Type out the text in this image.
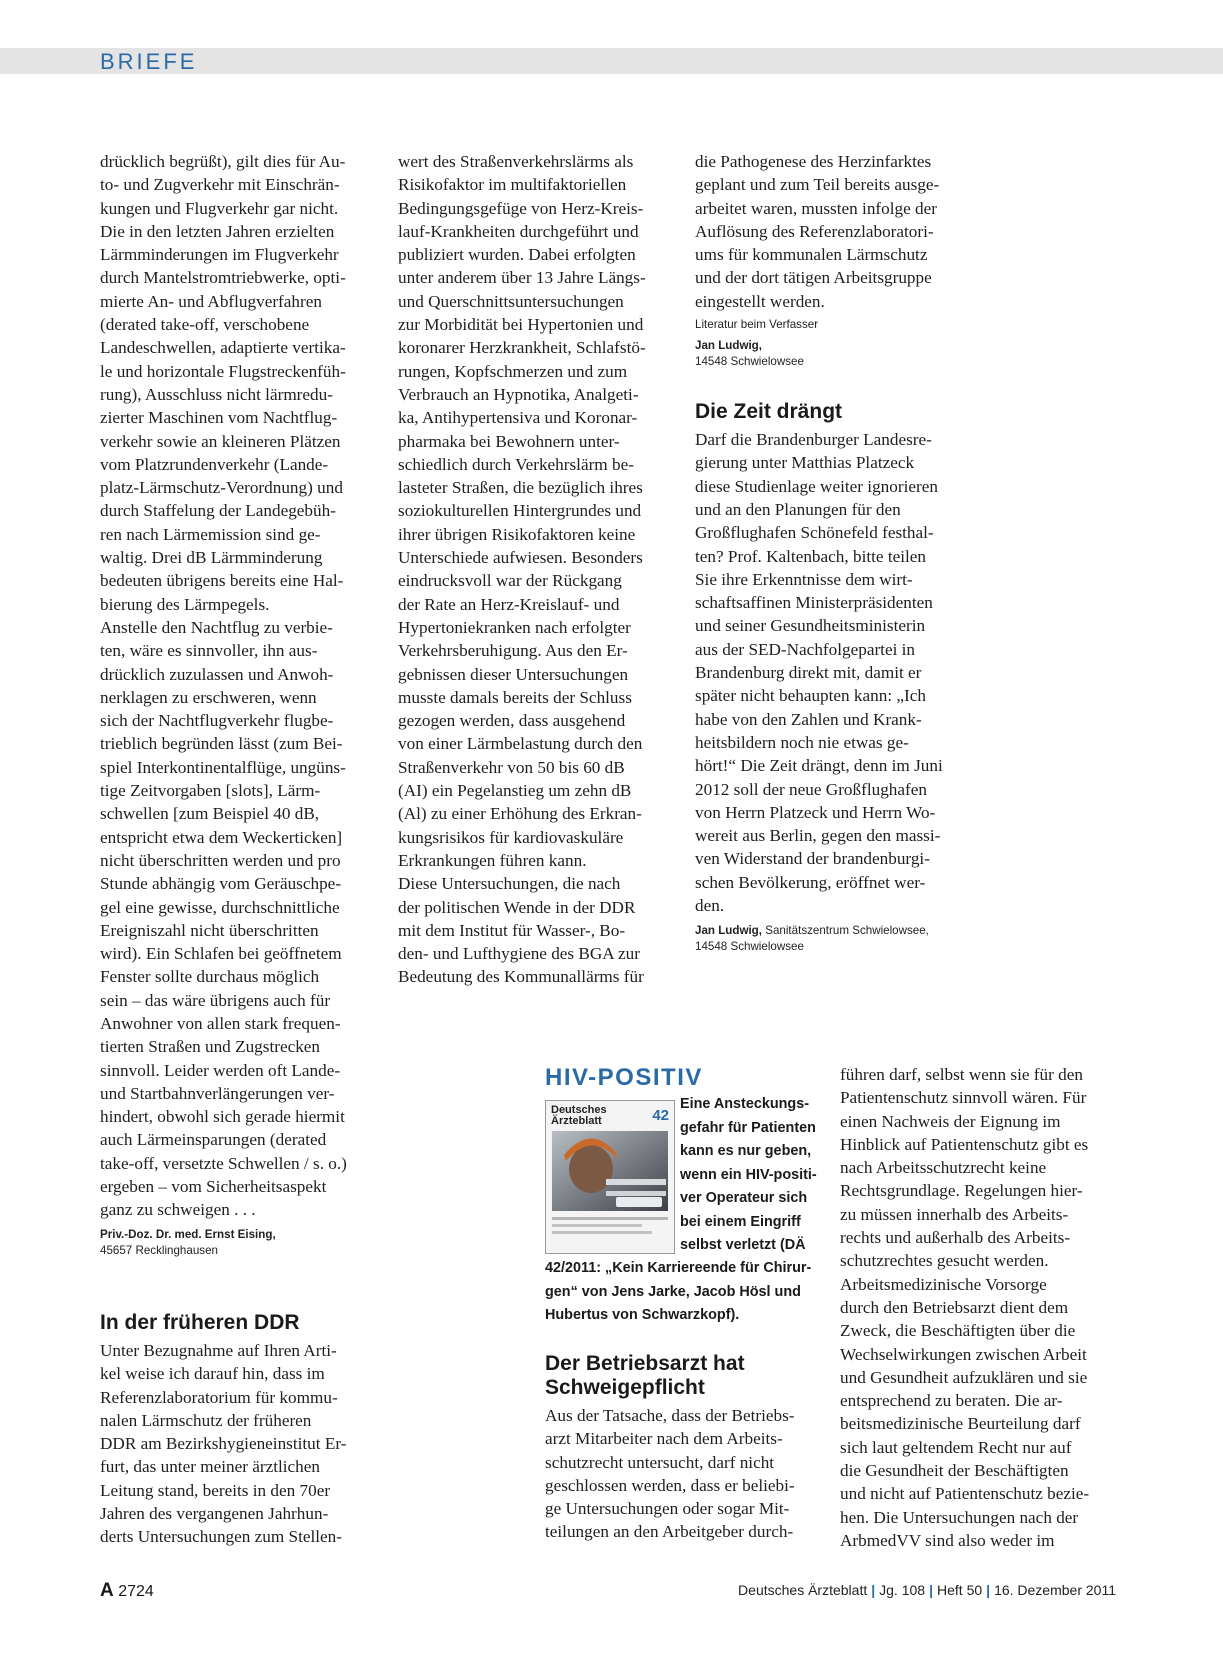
BRIEFE

drücklich begrüßt), gilt dies für Au-
to- und Zugverkehr mit Einschrän-
kungen und Flugverkehr gar nicht.
Die in den letzten Jahren erzielten
Lärmminderungen im Flugverkehr
durch Mantelstromtriebwerke, opti-
mierte An- und Abflugverfahren
(derated take-off, verschobene
Landeschwellen, adaptierte vertika-
le und horizontale Flugstreckenfüh-
rung), Ausschluss nicht lärmredu-
zierter Maschinen vom Nachtflug-
verkehr sowie an kleineren Plätzen
vom Platzrundenverkehr (Lande-
platz-Lärmschutz-Verordnung) und
durch Staffelung der Landegebüh-
ren nach Lärmemission sind ge-
waltig. Drei dB Lärmminderung
bedeuten übrigens bereits eine Hal-
bierung des Lärmpegels.
Anstelle den Nachtflug zu verbie-
ten, wäre es sinnvoller, ihn aus-
drücklich zuzulassen und Anwoh-
nerklagen zu erschweren, wenn
sich der Nachtflugverkehr flugbe-
trieblich begründen lässt (zum Bei-
spiel Interkontinentalflüge, ungüns-
tige Zeitvorgaben [slots], Lärm-
schwellen [zum Beispiel 40 dB,
entspricht etwa dem Weckerticken]
nicht überschritten werden und pro
Stunde abhängig vom Geräuschpe-
gel eine gewisse, durchschnittliche
Ereigniszahl nicht überschritten
wird). Ein Schlafen bei geöffnetem
Fenster sollte durchaus möglich
sein – das wäre übrigens auch für
Anwohner von allen stark frequen-
tierten Straßen und Zugstrecken
sinnvoll. Leider werden oft Lande-
und Startbahnverlängerungen ver-
hindert, obwohl sich gerade hiermit
auch Lärmeinsparungen (derated
take-off, versetzte Schwellen / s. o.)
ergeben – vom Sicherheitsaspekt
ganz zu schweigen . . .

Priv.-Doz. Dr. med. Ernst Eising,
45657 Recklinghausen
In der früheren DDR

Unter Bezugnahme auf Ihren Arti-
kel weise ich darauf hin, dass im
Referenzlaboratorium für kommu-
nalen Lärmschutz der früheren
DDR am Bezirkshygieneinstitut Er-
furt, das unter meiner ärztlichen
Leitung stand, bereits in den 70er
Jahren des vergangenen Jahrhun-
derts Untersuchungen zum Stellen-

wert des Straßenverkehrslärms als
Risikofaktor im multifaktoriellen
Bedingungsgefüge von Herz-Kreis-
lauf-Krankheiten durchgeführt und
publiziert wurden. Dabei erfolgten
unter anderem über 13 Jahre Längs-
und Querschnittsuntersuchungen
zur Morbidität bei Hypertonien und
koronarer Herzkrankheit, Schlafstö-
rungen, Kopfschmerzen und zum
Verbrauch an Hypnotika, Analgeti-
ka, Antihypertensiva und Koronar-
pharmaka bei Bewohnern unter-
schiedlich durch Verkehrslärm be-
lasteter Straßen, die bezüglich ihres
soziokulturellen Hintergrundes und
ihrer übrigen Risikofaktoren keine
Unterschiede aufwiesen. Besonders
eindrucksvoll war der Rückgang
der Rate an Herz-Kreislauf- und
Hypertoniekranken nach erfolgter
Verkehrsberuhigung. Aus den Er-
gebnissen dieser Untersuchungen
musste damals bereits der Schluss
gezogen werden, dass ausgehend
von einer Lärmbelastung durch den
Straßenverkehr von 50 bis 60 dB
(AI) ein Pegelanstieg um zehn dB
(Al) zu einer Erhöhung des Erkran-
kungsrisikos für kardiovaskuläre
Erkrankungen führen kann.
Diese Untersuchungen, die nach
der politischen Wende in der DDR
mit dem Institut für Wasser-, Bo-
den- und Lufthygiene des BGA zur
Bedeutung des Kommunallärms für

die Pathogenese des Herzinfarktes
geplant und zum Teil bereits ausge-
arbeitet waren, mussten infolge der
Auflösung des Referenzlaboratori-
ums für kommunalen Lärmschutz
und der dort tätigen Arbeitsgruppe
eingestellt werden.

Literatur beim Verfasser
Jan Ludwig,
14548 Schwielowsee
Die Zeit drängt

Darf die Brandenburger Landesre-
gierung unter Matthias Platzeck
diese Studienlage weiter ignorieren
und an den Planungen für den
Großflughafen Schönefeld festhal-
ten? Prof. Kaltenbach, bitte teilen
Sie ihre Erkenntnisse dem wirt-
schaftsaffinen Ministerpräsidenten
und seiner Gesundheitsministerin
aus der SED-Nachfolgepartei in
Brandenburg direkt mit, damit er
später nicht behaupten kann: „Ich
habe von den Zahlen und Krank-
heitsbildern noch nie etwas ge-
hört!“ Die Zeit drängt, denn im Juni
2012 soll der neue Großflughafen
von Herrn Platzeck und Herrn Wo-
wereit aus Berlin, gegen den massi-
ven Widerstand der brandenburgi-
schen Bevölkerung, eröffnet wer-
den.

Jan Ludwig, Sanitätszentrum Schwielowsee,
14548 Schwielowsee
HIV-POSITIV
Deutsches
Ärzteblatt	42
Eine Ansteckungs-
gefahr für Patienten
kann es nur geben,
wenn ein HIV-positi-
ver Operateur sich
bei einem Eingriff
selbst verletzt (DÄ
42/2011: „Kein Karriereende für Chirur-
gen“ von Jens Jarke, Jacob Hösl und
Hubertus von Schwarzkopf).
Der Betriebsarzt hat
Schweigepflicht

Aus der Tatsache, dass der Betriebs-
arzt Mitarbeiter nach dem Arbeits-
schutzrecht untersucht, darf nicht
geschlossen werden, dass er beliebi-
ge Untersuchungen oder sogar Mit-
teilungen an den Arbeitgeber durch-

führen darf, selbst wenn sie für den
Patientenschutz sinnvoll wären. Für
einen Nachweis der Eignung im
Hinblick auf Patientenschutz gibt es
nach Arbeitsschutzrecht keine
Rechtsgrundlage. Regelungen hier-
zu müssen innerhalb des Arbeits-
rechts und außerhalb des Arbeits-
schutzrechtes gesucht werden.
Arbeitsmedizinische Vorsorge
durch den Betriebsarzt dient dem
Zweck, die Beschäftigten über die
Wechselwirkungen zwischen Arbeit
und Gesundheit aufzuklären und sie
entsprechend zu beraten. Die ar-
beitsmedizinische Beurteilung darf
sich laut geltendem Recht nur auf
die Gesundheit der Beschäftigten
und nicht auf Patientenschutz bezie-
hen. Die Untersuchungen nach der
ArbmedVV sind also weder im

A 2724	Deutsches Ärzteblatt | Jg. 108 | Heft 50 | 16. Dezember 2011
